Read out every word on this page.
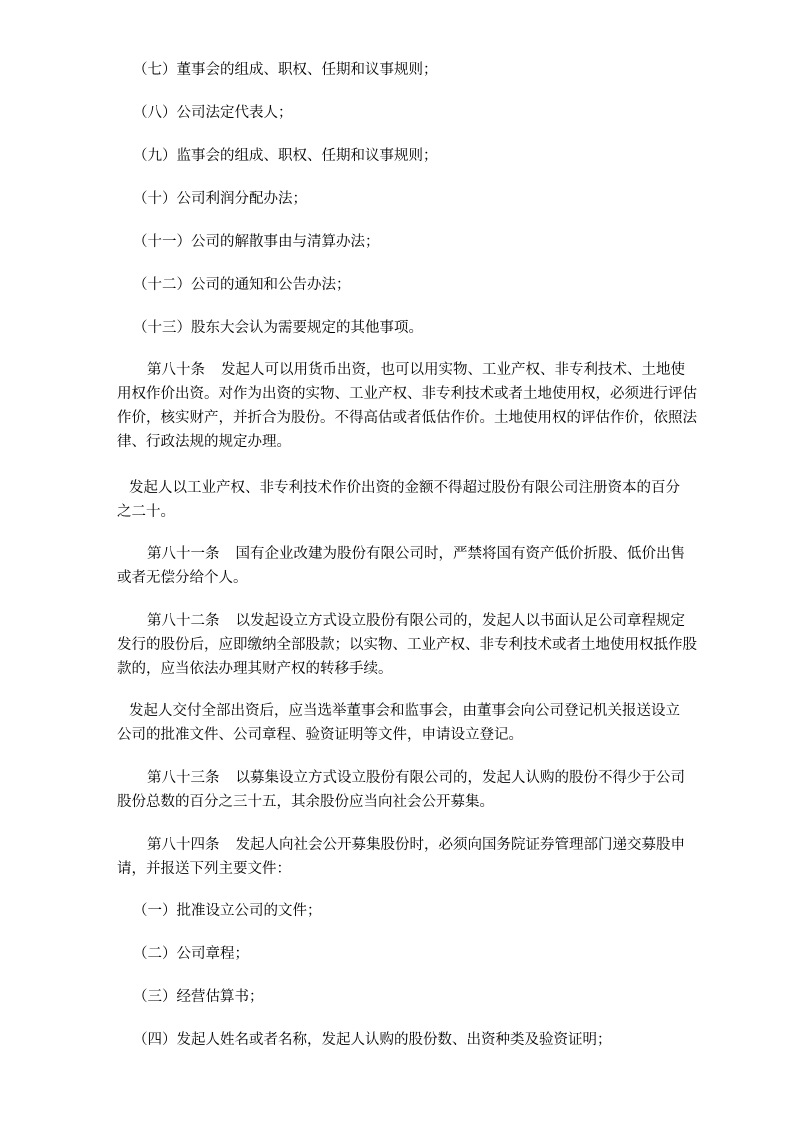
（七）董事会的组成、职权、任期和议事规则；
（八）公司法定代表人；
（九）监事会的组成、职权、任期和议事规则；
（十）公司利润分配办法；
（十一）公司的解散事由与清算办法；
（十二）公司的通知和公告办法；
（十三）股东大会认为需要规定的其他事项。
第八十条 发起人可以用货币出资，也可以用实物、工业产权、非专利技术、土地使
用权作价出资。对作为出资的实物、工业产权、非专利技术或者土地使用权，必须进行评估
作价，核实财产，并折合为股份。不得高估或者低估作价。土地使用权的评估作价，依照法
律、行政法规的规定办理。
发起人以工业产权、非专利技术作价出资的金额不得超过股份有限公司注册资本的百分
之二十。
第八十一条 国有企业改建为股份有限公司时，严禁将国有资产低价折股、低价出售
或者无偿分给个人。
第八十二条 以发起设立方式设立股份有限公司的，发起人以书面认足公司章程规定
发行的股份后，应即缴纳全部股款；以实物、工业产权、非专利技术或者土地使用权抵作股
款的，应当依法办理其财产权的转移手续。
发起人交付全部出资后，应当选举董事会和监事会，由董事会向公司登记机关报送设立
公司的批准文件、公司章程、验资证明等文件，申请设立登记。
第八十三条 以募集设立方式设立股份有限公司的，发起人认购的股份不得少于公司
股份总数的百分之三十五，其余股份应当向社会公开募集。
第八十四条 发起人向社会公开募集股份时，必须向国务院证券管理部门递交募股申
请，并报送下列主要文件：
（一）批准设立公司的文件；
（二）公司章程；
（三）经营估算书；
（四）发起人姓名或者名称，发起人认购的股份数、出资种类及验资证明；
